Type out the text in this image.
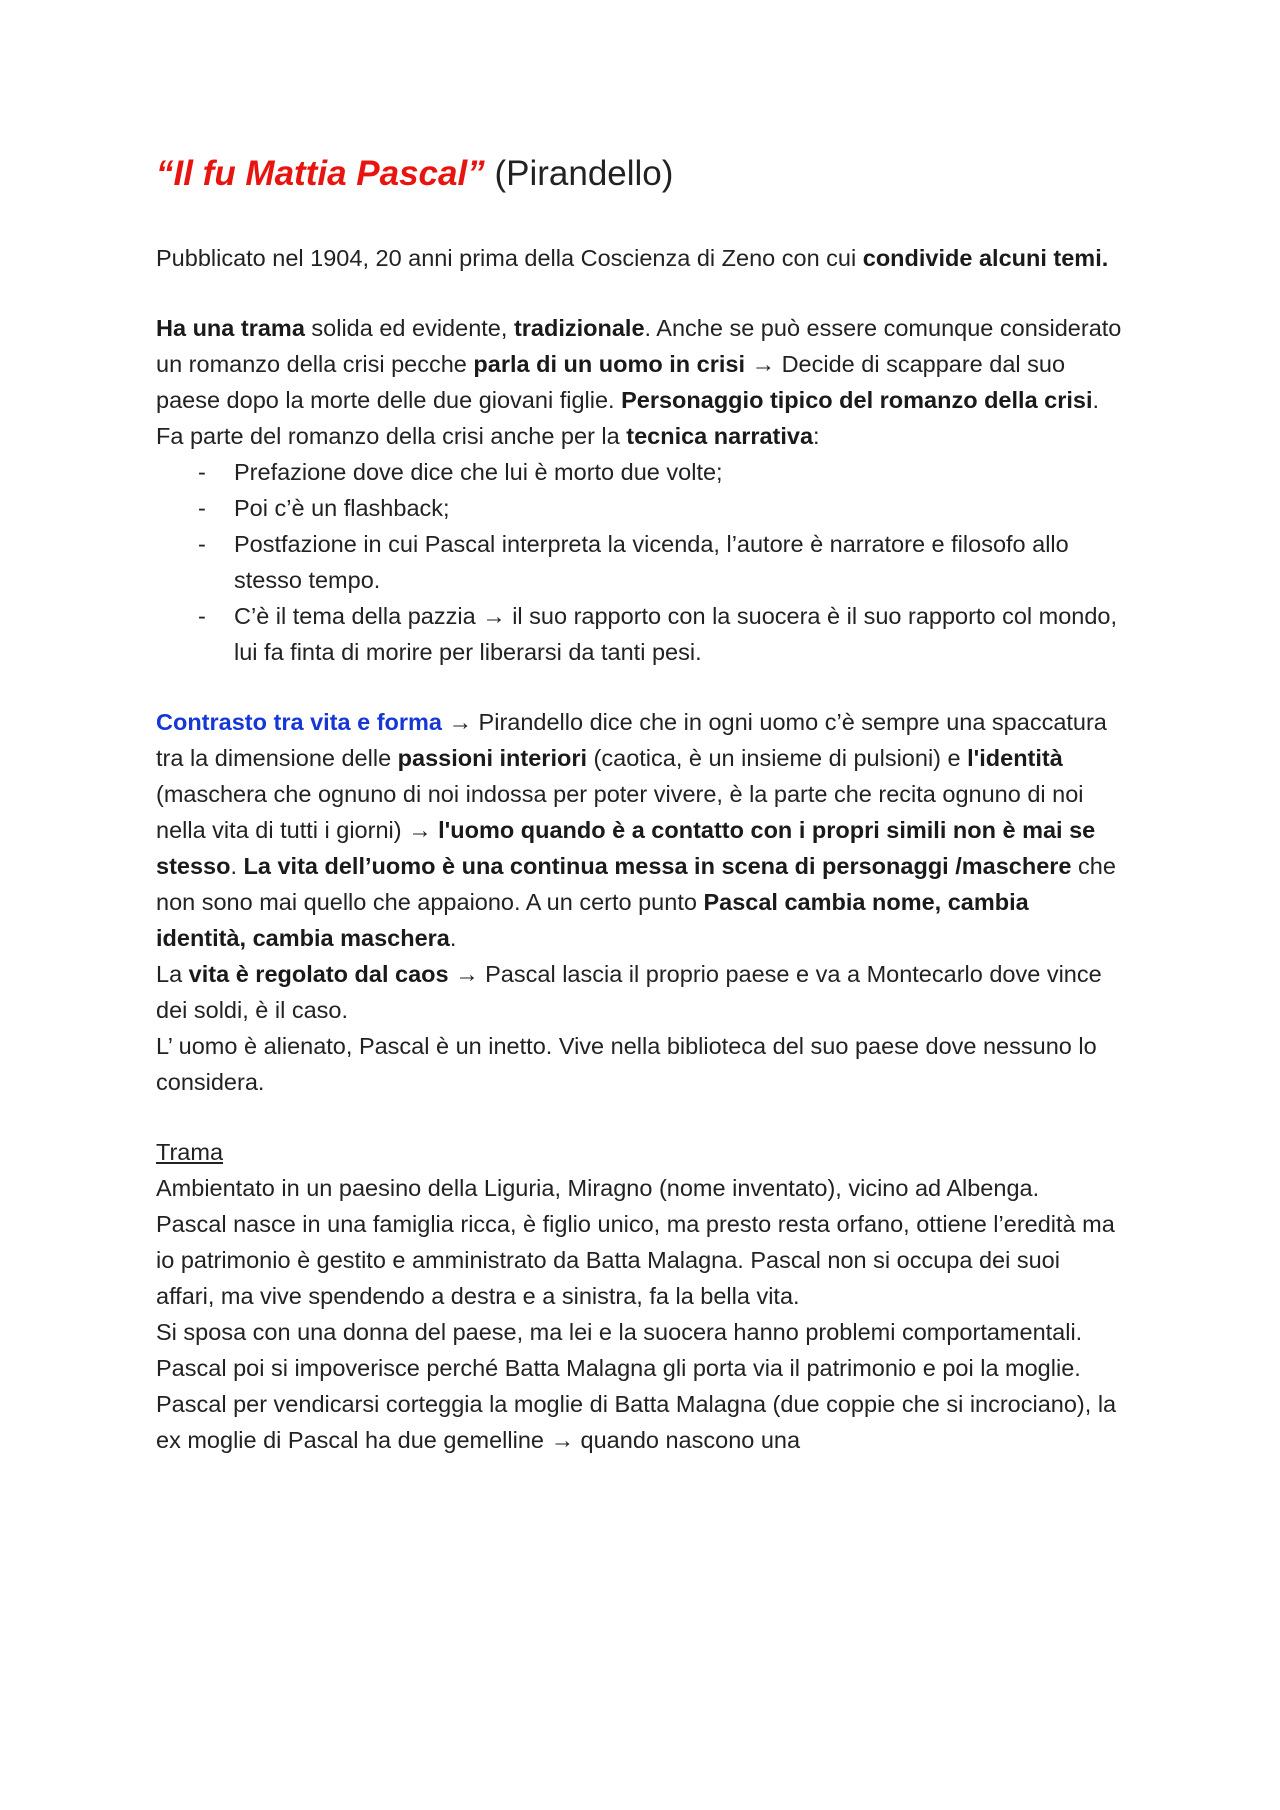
“Il fu Mattia Pascal” (Pirandello)

Pubblicato nel 1904, 20 anni prima della Coscienza di Zeno con cui condivide alcuni temi.

Ha una trama solida ed evidente, tradizionale. Anche se può essere comunque considerato un romanzo della crisi pecche parla di un uomo in crisi → Decide di scappare dal suo paese dopo la morte delle due giovani figlie. Personaggio tipico del romanzo della crisi.

Fa parte del romanzo della crisi anche per la tecnica narrativa:

- Prefazione dove dice che lui è morto due volte;
- Poi c’è un flashback;
- Postfazione in cui Pascal interpreta la vicenda, l’autore è narratore e filosofo allo stesso tempo.
- C’è il tema della pazzia → il suo rapporto con la suocera è il suo rapporto col mondo, lui fa finta di morire per liberarsi da tanti pesi.

Contrasto tra vita e forma → Pirandello dice che in ogni uomo c’è sempre una spaccatura tra la dimensione delle passioni interiori (caotica, è un insieme di pulsioni) e l'identità (maschera che ognuno di noi indossa per poter vivere, è la parte che recita ognuno di noi nella vita di tutti i giorni) → l'uomo quando è a contatto con i propri simili non è mai se stesso. La vita dell’uomo è una continua messa in scena di personaggi /maschere che non sono mai quello che appaiono. A un certo punto Pascal cambia nome, cambia identità, cambia maschera.

La vita è regolato dal caos → Pascal lascia il proprio paese e va a Montecarlo dove vince dei soldi, è il caso.

L’ uomo è alienato, Pascal è un inetto. Vive nella biblioteca del suo paese dove nessuno lo considera.

Trama

Ambientato in un paesino della Liguria, Miragno (nome inventato), vicino ad Albenga.

Pascal nasce in una famiglia ricca, è figlio unico, ma presto resta orfano, ottiene l’eredità ma io patrimonio è gestito e amministrato da Batta Malagna. Pascal non si occupa dei suoi affari, ma vive spendendo a destra e a sinistra, fa la bella vita.

Si sposa con una donna del paese, ma lei e la suocera hanno problemi comportamentali.

Pascal poi si impoverisce perché Batta Malagna gli porta via il patrimonio e poi la moglie. Pascal per vendicarsi corteggia la moglie di Batta Malagna (due coppie che si incrociano), la ex moglie di Pascal ha due gemelline → quando nascono una
